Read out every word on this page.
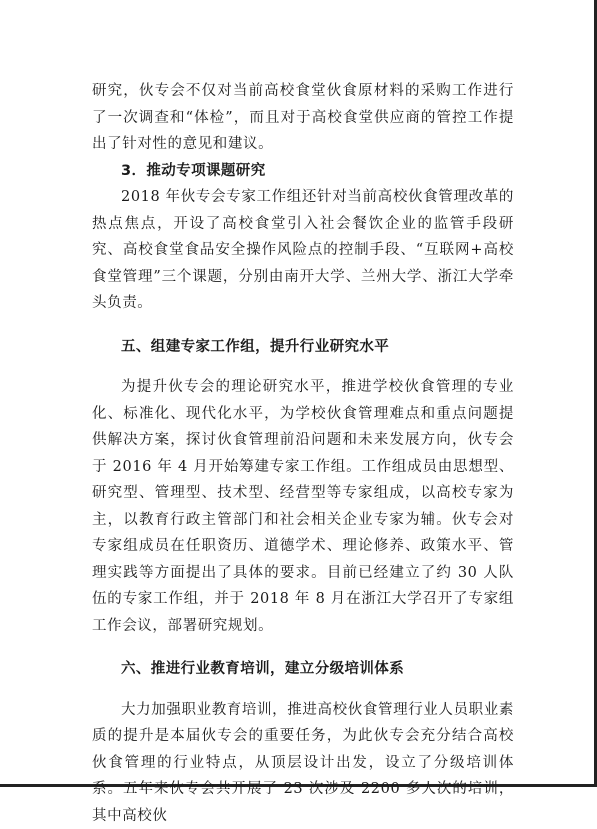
研究，伙专会不仅对当前高校食堂伙食原材料的采购工作进行了一次调查和“体检”，而且对于高校食堂供应商的管控工作提出了针对性的意见和建议。

3．推动专项课题研究

2018 年伙专会专家工作组还针对当前高校伙食管理改革的热点焦点，开设了高校食堂引入社会餐饮企业的监管手段研究、高校食堂食品安全操作风险点的控制手段、“互联网+高校食堂管理”三个课题，分别由南开大学、兰州大学、浙江大学牵头负责。

五、组建专家工作组，提升行业研究水平

为提升伙专会的理论研究水平，推进学校伙食管理的专业化、标准化、现代化水平，为学校伙食管理难点和重点问题提供解决方案，探讨伙食管理前沿问题和未来发展方向，伙专会于 2016 年 4 月开始筹建专家工作组。工作组成员由思想型、研究型、管理型、技术型、经营型等专家组成，以高校专家为主，以教育行政主管部门和社会相关企业专家为辅。伙专会对专家组成员在任职资历、道德学术、理论修养、政策水平、管理实践等方面提出了具体的要求。目前已经建立了约 30 人队伍的专家工作组，并于 2018 年 8 月在浙江大学召开了专家组工作会议，部署研究规划。

六、推进行业教育培训，建立分级培训体系

大力加强职业教育培训，推进高校伙食管理行业人员职业素质的提升是本届伙专会的重要任务，为此伙专会充分结合高校伙食管理的行业特点，从顶层设计出发，设立了分级培训体系。五年来伙专会共开展了 23 次涉及 2200 多人次的培训，其中高校伙
